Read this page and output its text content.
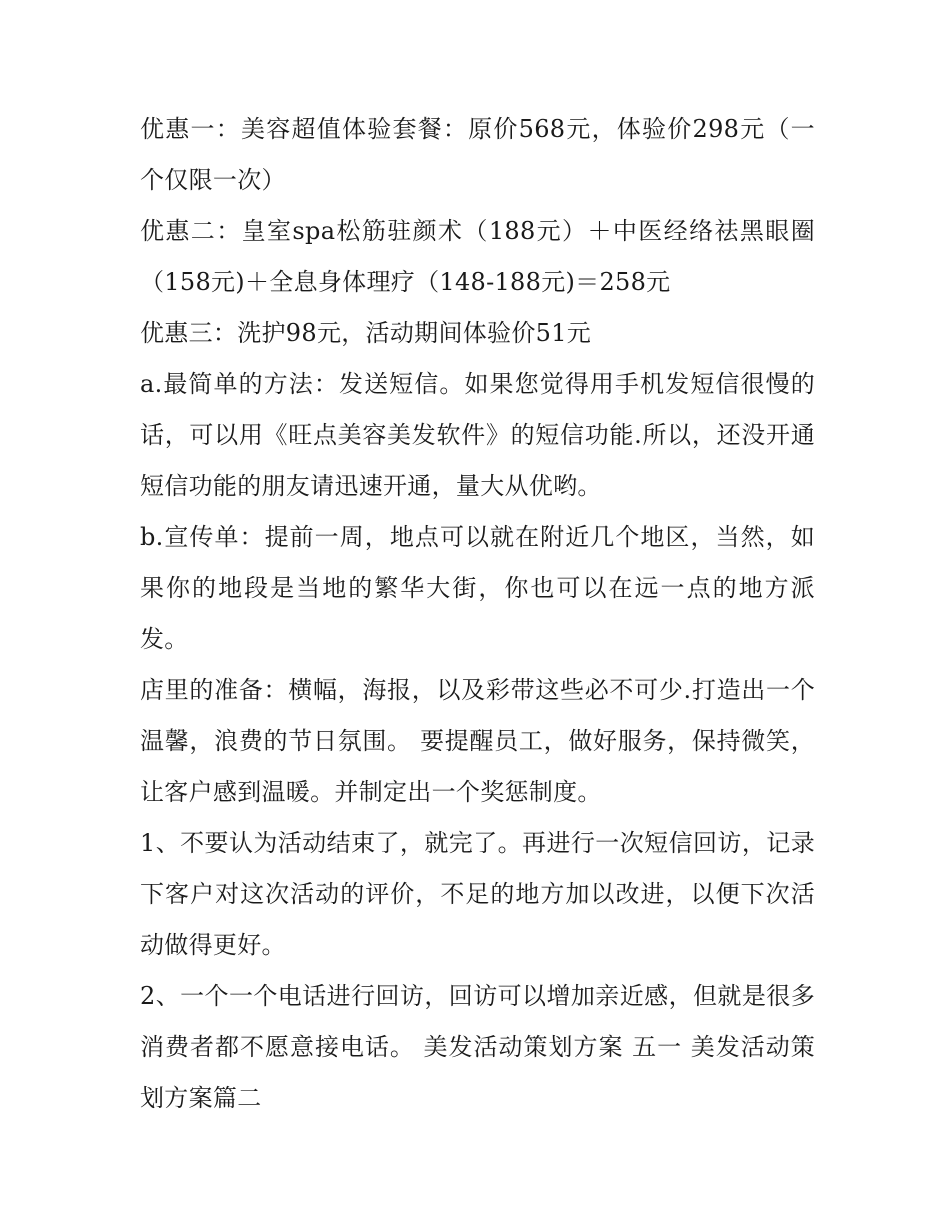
优惠一：美容超值体验套餐：原价568元，体验价298元（一个仅限一次）

优惠二：皇室spa松筋驻颜术（188元）＋中医经络祛黑眼圈（158元)＋全息身体理疗（148-188元)＝258元

优惠三：洗护98元，活动期间体验价51元

a.最简单的方法：发送短信。如果您觉得用手机发短信很慢的话，可以用《旺点美容美发软件》的短信功能.所以，还没开通短信功能的朋友请迅速开通，量大从优哟。

b.宣传单：提前一周，地点可以就在附近几个地区，当然，如果你的地段是当地的繁华大街，你也可以在远一点的地方派发。

店里的准备：横幅，海报，以及彩带这些必不可少.打造出一个温馨，浪费的节日氛围。 要提醒员工，做好服务，保持微笑，让客户感到温暖。并制定出一个奖惩制度。

1、不要认为活动结束了，就完了。再进行一次短信回访，记录下客户对这次活动的评价，不足的地方加以改进，以便下次活动做得更好。

2、一个一个电话进行回访，回访可以增加亲近感，但就是很多消费者都不愿意接电话。 美发活动策划方案 五一 美发活动策划方案篇二
